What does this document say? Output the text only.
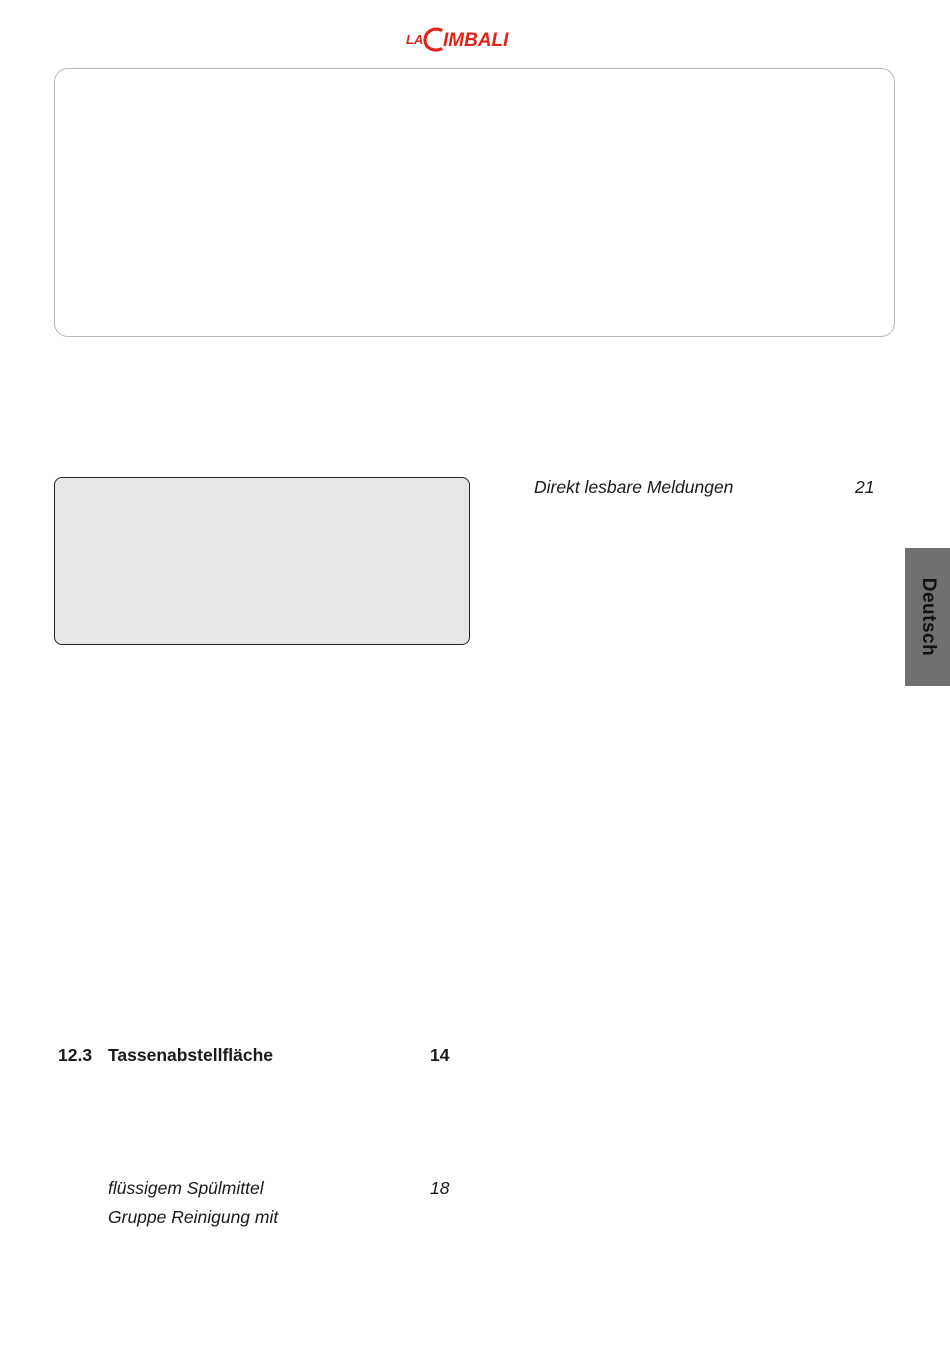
LA IMBALI
Deutsch
Direkt lesbare Meldungen	21
12.3 Tassenabstellfläche	14
flüssigem Spülmittel	18
Gruppe Reinigung mit
